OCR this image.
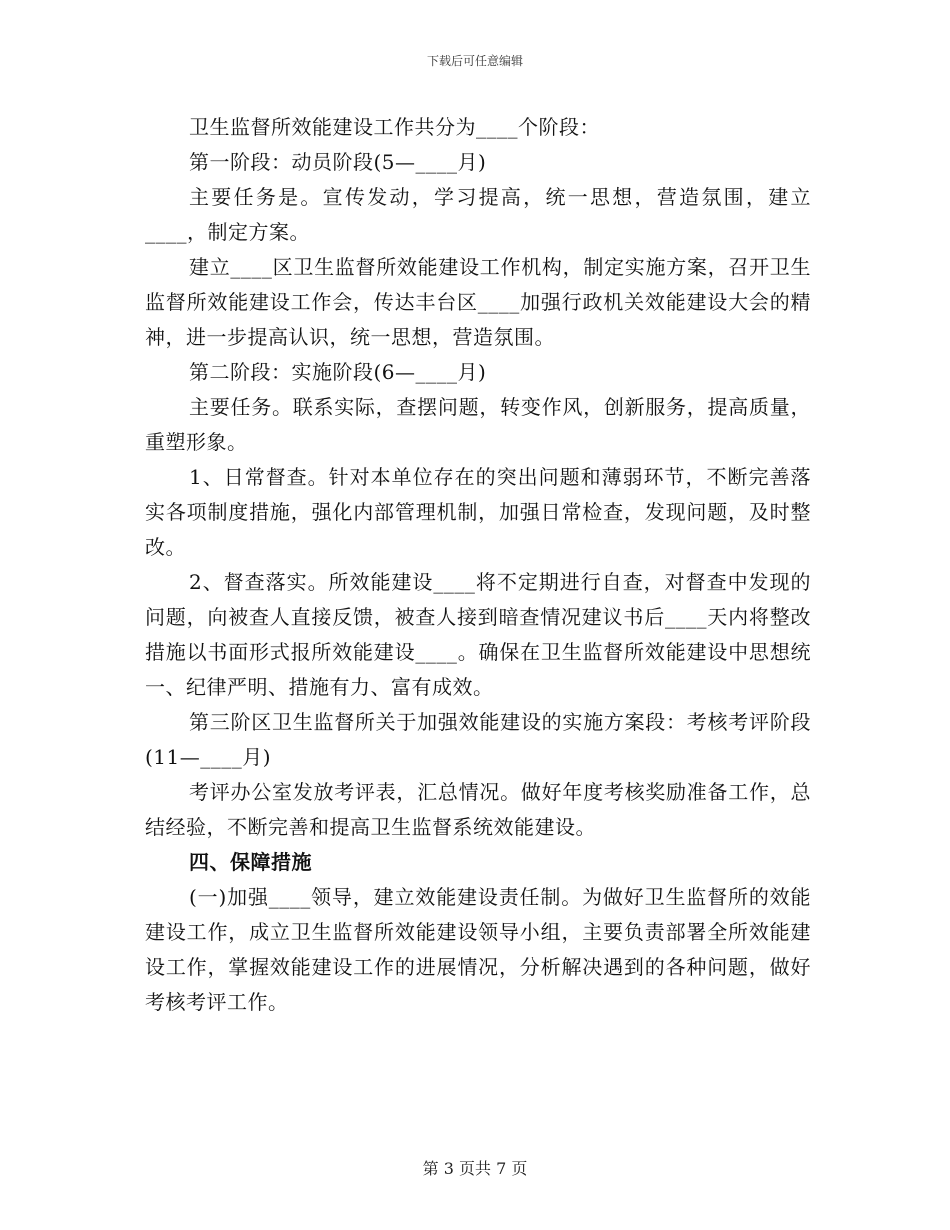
下载后可任意编辑

卫生监督所效能建设工作共分为____个阶段：

第一阶段：动员阶段(5—____月)

主要任务是。宣传发动，学习提高，统一思想，营造氛围，建立____，制定方案。

建立____区卫生监督所效能建设工作机构，制定实施方案，召开卫生监督所效能建设工作会，传达丰台区____加强行政机关效能建设大会的精神，进一步提高认识，统一思想，营造氛围。

第二阶段：实施阶段(6—____月)

主要任务。联系实际，查摆问题，转变作风，创新服务，提高质量，重塑形象。

1、日常督查。针对本单位存在的突出问题和薄弱环节，不断完善落实各项制度措施，强化内部管理机制，加强日常检查，发现问题，及时整改。

2、督查落实。所效能建设____将不定期进行自查，对督查中发现的问题，向被查人直接反馈，被查人接到暗查情况建议书后____天内将整改措施以书面形式报所效能建设____。确保在卫生监督所效能建设中思想统一、纪律严明、措施有力、富有成效。

第三阶区卫生监督所关于加强效能建设的实施方案段：考核考评阶段(11—____月)

考评办公室发放考评表，汇总情况。做好年度考核奖励准备工作，总结经验，不断完善和提高卫生监督系统效能建设。

四、保障措施

(一)加强____领导，建立效能建设责任制。为做好卫生监督所的效能建设工作，成立卫生监督所效能建设领导小组，主要负责部署全所效能建设工作，掌握效能建设工作的进展情况，分析解决遇到的各种问题，做好考核考评工作。

第 3 页共 7 页
